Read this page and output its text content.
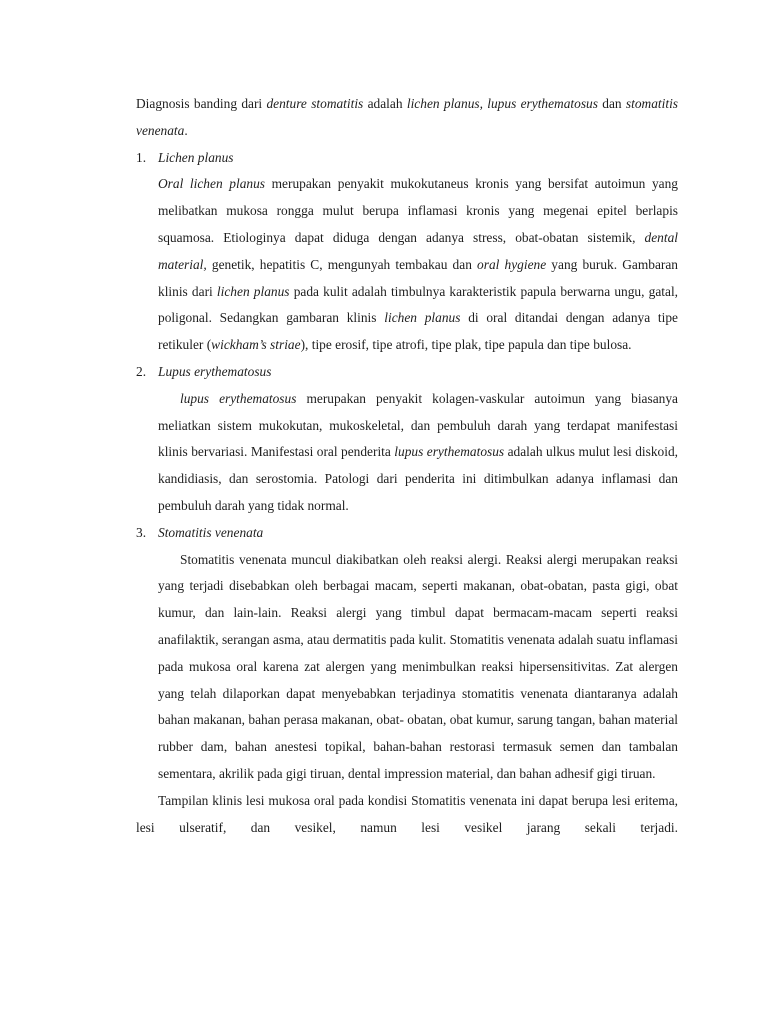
Diagnosis banding dari denture stomatitis adalah lichen planus, lupus erythematosus dan stomatitis venenata.

1. Lichen planus

Oral lichen planus merupakan penyakit mukokutaneus kronis yang bersifat autoimun yang melibatkan mukosa rongga mulut berupa inflamasi kronis yang megenai epitel berlapis squamosa. Etiologinya dapat diduga dengan adanya stress, obat-obatan sistemik, dental material, genetik, hepatitis C, mengunyah tembakau dan oral hygiene yang buruk. Gambaran klinis dari lichen planus pada kulit adalah timbulnya karakteristik papula berwarna ungu, gatal, poligonal. Sedangkan gambaran klinis lichen planus di oral ditandai dengan adanya tipe retikuler (wickham’s striae), tipe erosif, tipe atrofi, tipe plak, tipe papula dan tipe bulosa.

2. Lupus erythematosus

lupus erythematosus merupakan penyakit kolagen-vaskular autoimun yang biasanya meliatkan sistem mukokutan, mukoskeletal, dan pembuluh darah yang terdapat manifestasi klinis bervariasi. Manifestasi oral penderita lupus erythematosus adalah ulkus mulut lesi diskoid, kandidiasis, dan serostomia. Patologi dari penderita ini ditimbulkan adanya inflamasi dan pembuluh darah yang tidak normal.

3. Stomatitis venenata

Stomatitis venenata muncul diakibatkan oleh reaksi alergi. Reaksi alergi merupakan reaksi yang terjadi disebabkan oleh berbagai macam, seperti makanan, obat-obatan, pasta gigi, obat kumur, dan lain-lain. Reaksi alergi yang timbul dapat bermacam-macam seperti reaksi anafilaktik, serangan asma, atau dermatitis pada kulit. Stomatitis venenata adalah suatu inflamasi pada mukosa oral karena zat alergen yang menimbulkan reaksi hipersensitivitas. Zat alergen yang telah dilaporkan dapat menyebabkan terjadinya stomatitis venenata diantaranya adalah bahan makanan, bahan perasa makanan, obat- obatan, obat kumur, sarung tangan, bahan material rubber dam, bahan anestesi topikal, bahan-bahan restorasi termasuk semen dan tambalan sementara, akrilik pada gigi tiruan, dental impression material, dan bahan adhesif gigi tiruan.

Tampilan klinis lesi mukosa oral pada kondisi Stomatitis venenata ini dapat berupa lesi eritema, lesi ulseratif, dan vesikel, namun lesi vesikel jarang sekali terjadi.
